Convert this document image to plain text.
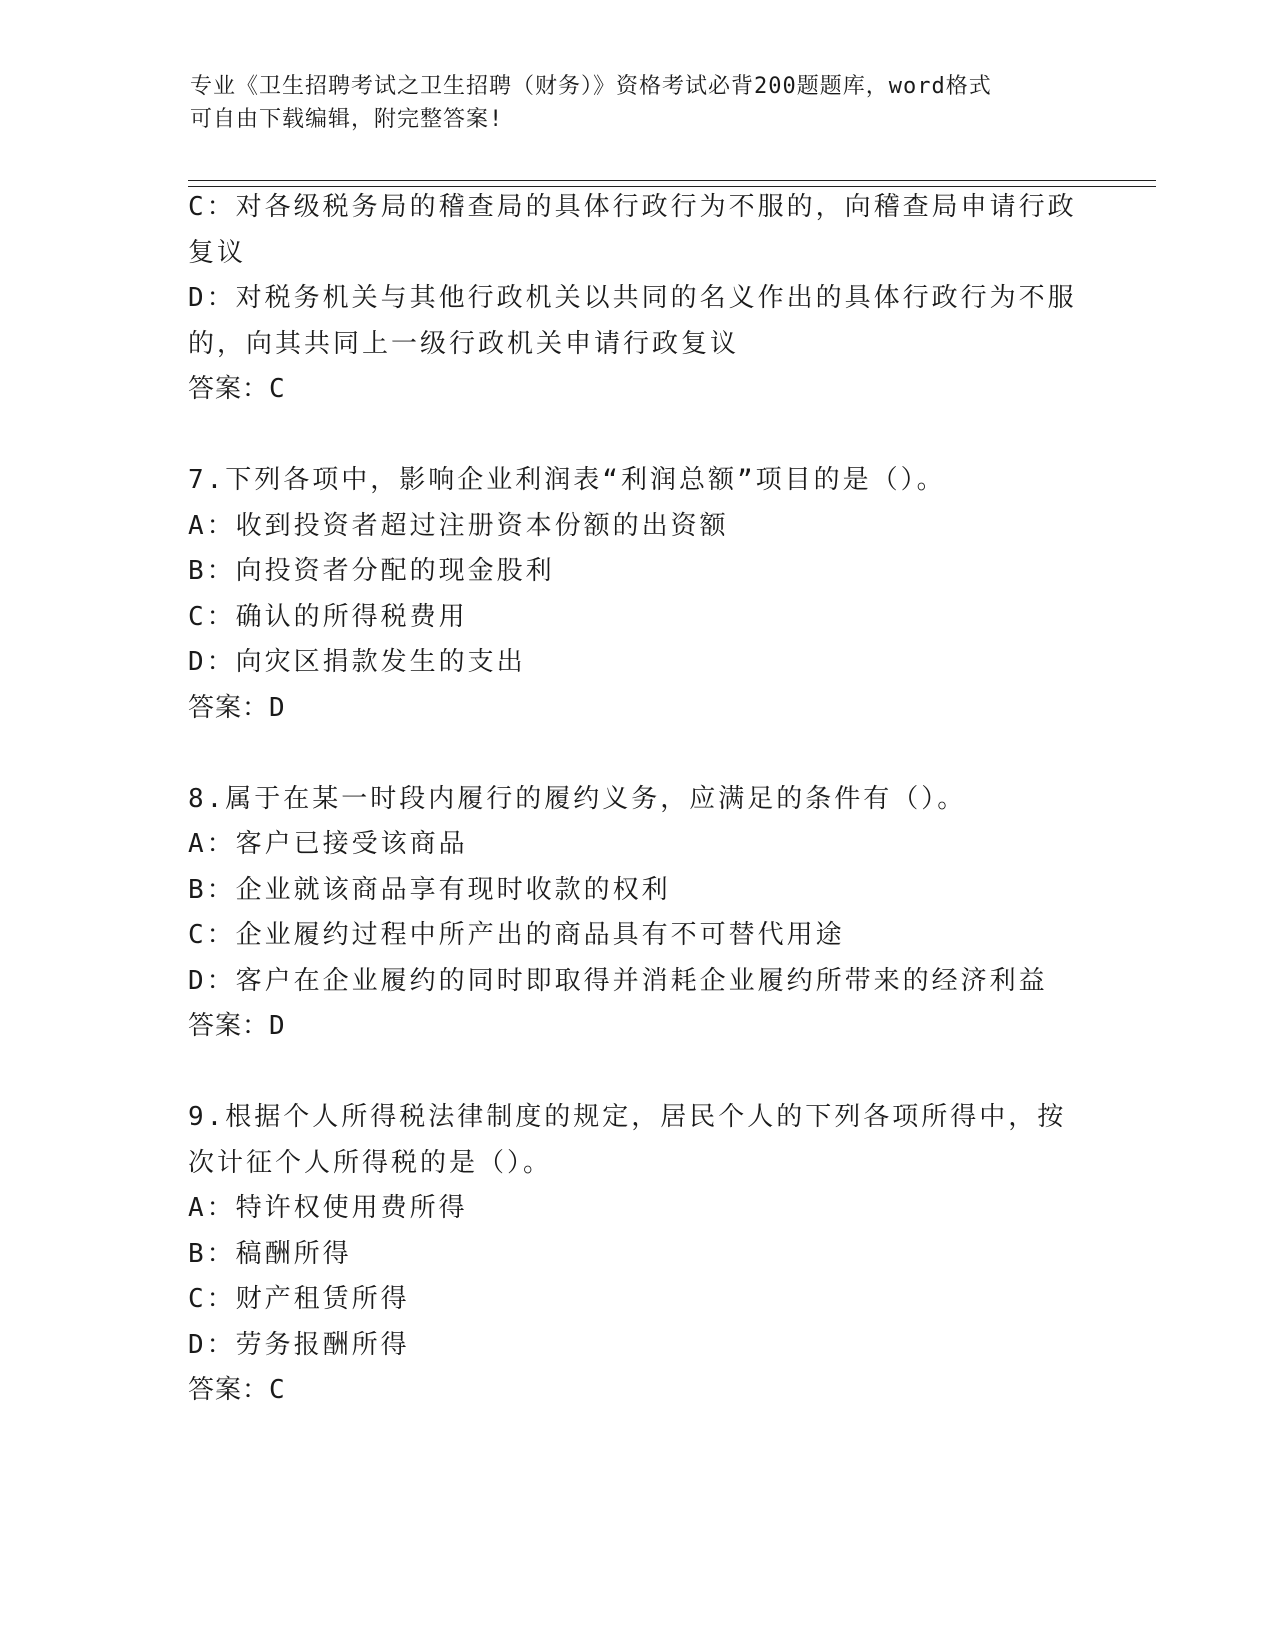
专业《卫生招聘考试之卫生招聘（财务）》资格考试必背200题题库，word格式
可自由下载编辑，附完整答案!
C：对各级税务局的稽查局的具体行政行为不服的，向稽查局申请行政
复议
D：对税务机关与其他行政机关以共同的名义作出的具体行政行为不服
的，向其共同上一级行政机关申请行政复议
答案：C
7.下列各项中，影响企业利润表“利润总额”项目的是（）。
A：收到投资者超过注册资本份额的出资额
B：向投资者分配的现金股利
C：确认的所得税费用
D：向灾区捐款发生的支出
答案：D
8.属于在某一时段内履行的履约义务，应满足的条件有（）。
A：客户已接受该商品
B：企业就该商品享有现时收款的权利
C：企业履约过程中所产出的商品具有不可替代用途
D：客户在企业履约的同时即取得并消耗企业履约所带来的经济利益
答案：D
9.根据个人所得税法律制度的规定，居民个人的下列各项所得中，按
次计征个人所得税的是（）。
A：特许权使用费所得
B：稿酬所得
C：财产租赁所得
D：劳务报酬所得
答案：C
